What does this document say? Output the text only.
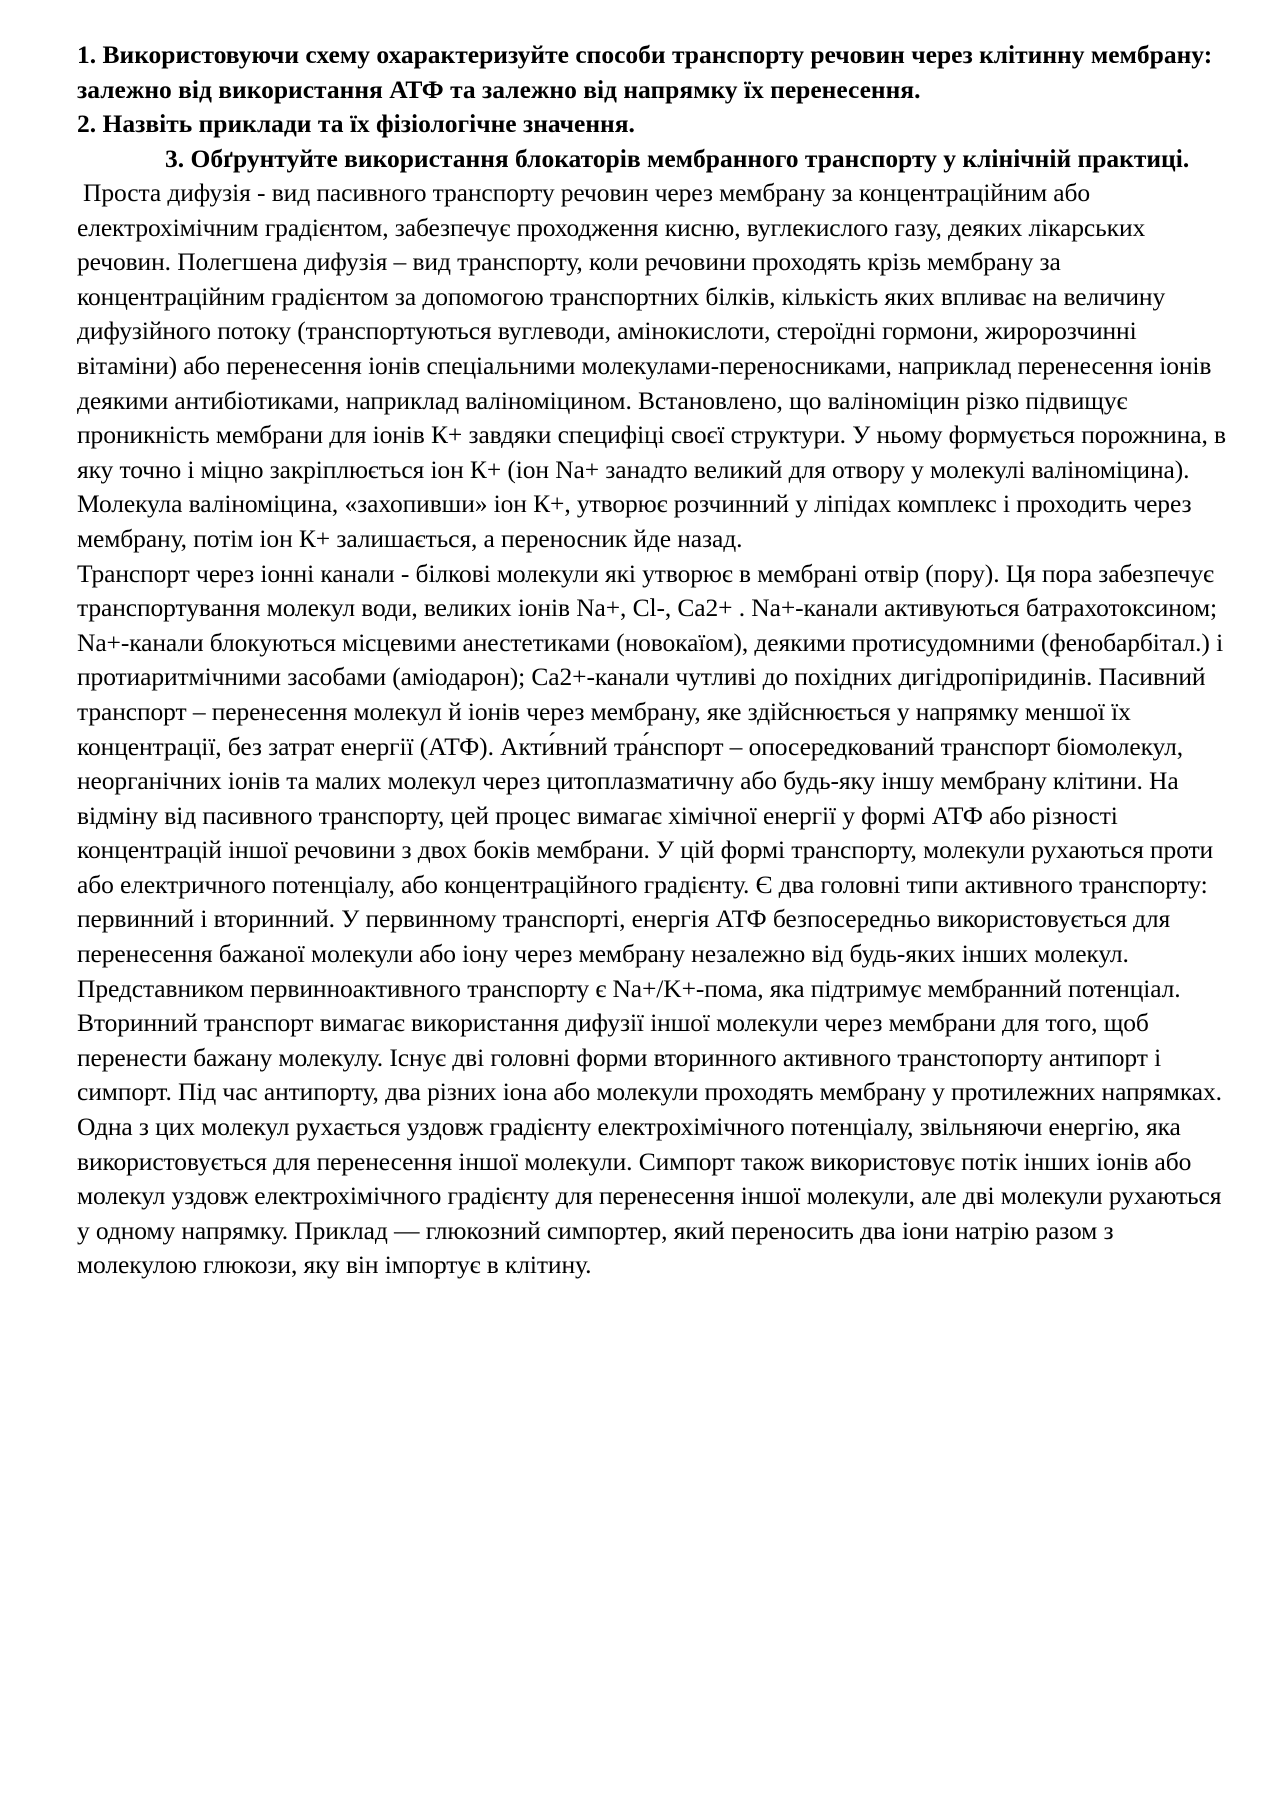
1. Використовуючи схему охарактеризуйте способи транспорту речовин через клітинну мембрану: залежно від використання АТФ та залежно від напрямку їх перенесення.

2. Назвіть приклади та їх фізіологічне значення.

3. Обґрунтуйте використання блокаторів мембранного транспорту у клінічній практиці.

Проста дифузія - вид пасивного транспорту речовин через мембрану за концентраційним або електрохімічним градієнтом, забезпечує проходження кисню, вуглекислого газу, деяких лікарських речовин. Полегшена дифузія – вид транспорту, коли речовини проходять крізь мембрану за концентраційним градієнтом за допомогою транспортних білків, кількість яких впливає на величину дифузійного потоку (транспортуються вуглеводи, амінокислоти, стероїдні гормони, жиророзчинні вітаміни) або перенесення іонів спеціальними молекулами-переносниками, наприклад перенесення іонів деякими антибіотиками, наприклад валіноміцином. Встановлено, що валіноміцин різко підвищує проникність мембрани для іонів К+ завдяки специфіці своєї структури. У ньому формується порожнина, в яку точно і міцно закріплюється іон К+ (іон Na+ занадто великий для отвору у молекулі валіноміцина). Молекула валіноміцина, «захопивши» іон К+, утворює розчинний у ліпідах комплекс і проходить через мембрану, потім іон К+ залишається, а переносник йде назад.

Транспорт через іонні канали - білкові молекули які утворює в мембрані отвір (пору). Ця пора забезпечує транспортування молекул води, великих іонів Na+, Cl-, Ca2+ . Na+-канали активуються батрахотоксином; Na+-канали блокуються місцевими анестетиками (новокаїом), деякими протисудомними (фенобарбітал.) і протиаритмічними засобами (аміодарон); Са2+-канали чутливі до похідних дигідропіридинів. Пасивний транспорт – перенесення молекул й іонів через мембрану, яке здійснюється у напрямку меншої їх концентрації, без затрат енергії (АТФ). Акти́вний тра́нспорт – опосередкований транспорт біомолекул, неорганічних іонів та малих молекул через цитоплазматичну або будь-яку іншу мембрану клітини. На відміну від пасивного транспорту, цей процес вимагає хімічної енергії у формі АТФ або різності концентрацій іншої речовини з двох боків мембрани. У цій формі транспорту, молекули рухаються проти або електричного потенціалу, або концентраційного градієнту. Є два головні типи активного транспорту: первинний і вторинний. У первинному транспорті, енергія АТФ безпосередньо використовується для перенесення бажаної молекули або іону через мембрану незалежно від будь-яких інших молекул. Представником первинноактивного транспорту є Na+/K+-помa, яка підтримує мембранний потенціал. Вторинний транспорт вимагає використання дифузії іншої молекули через мембрани для того, щоб перенести бажану молекулу. Існує дві головні форми вторинного активного транстопорту антипорт і симпорт. Під час антипорту, два різних іона або молекули проходять мембрану у протилежних напрямках. Одна з цих молекул рухається уздовж градієнту електрохімічного потенціалу, звільняючи енергію, яка використовується для перенесення іншої молекули. Симпорт також використовує потік інших іонів або молекул уздовж електрохімічного градієнту для перенесення іншої молекули, але дві молекули рухаються у одному напрямку. Приклад — глюкозний симпортер, який переносить два іони натрію разом з молекулою глюкози, яку він імпортує в клітину.
